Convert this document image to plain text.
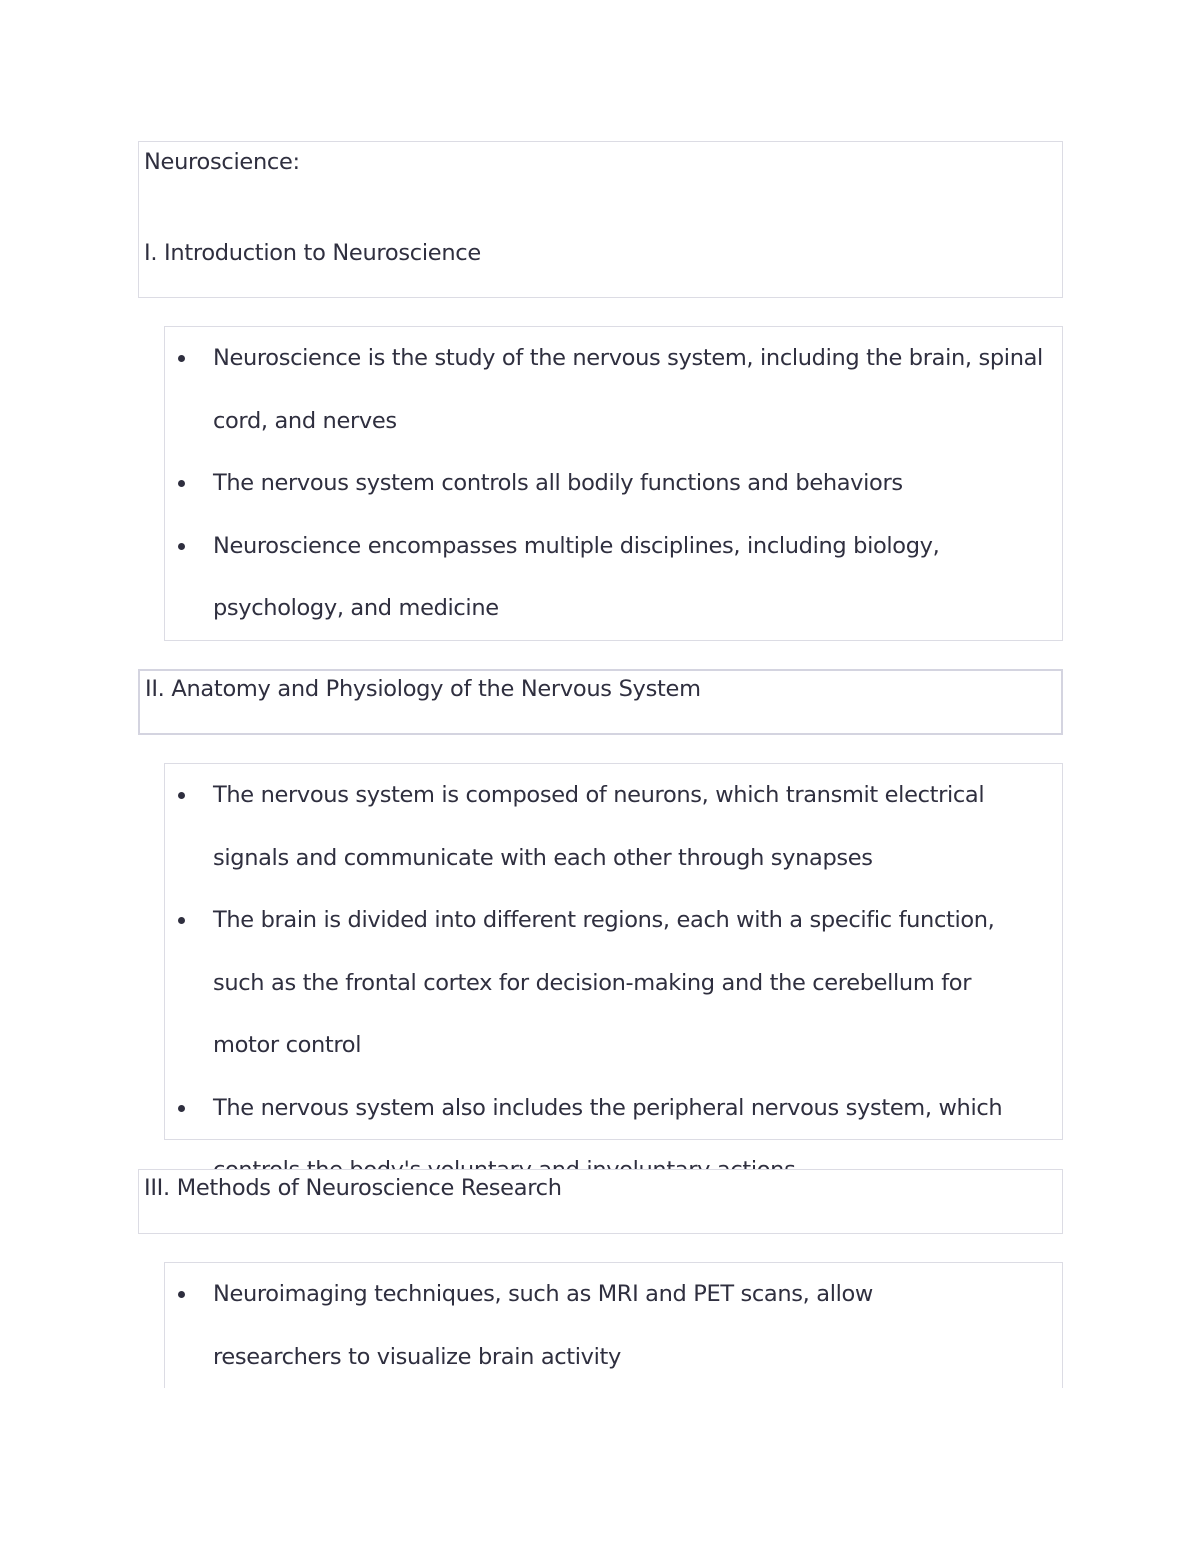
Neuroscience:
I. Introduction to Neuroscience
Neuroscience is the study of the nervous system, including the brain, spinal cord, and nerves
The nervous system controls all bodily functions and behaviors
Neuroscience encompasses multiple disciplines, including biology, psychology, and medicine
II. Anatomy and Physiology of the Nervous System
The nervous system is composed of neurons, which transmit electrical signals and communicate with each other through synapses
The brain is divided into different regions, each with a specific function, such as the frontal cortex for decision-making and the cerebellum for motor control
The nervous system also includes the peripheral nervous system, which
III. Methods of Neuroscience Research
Neuroimaging techniques, such as MRI and PET scans, allow researchers to visualize brain activity
